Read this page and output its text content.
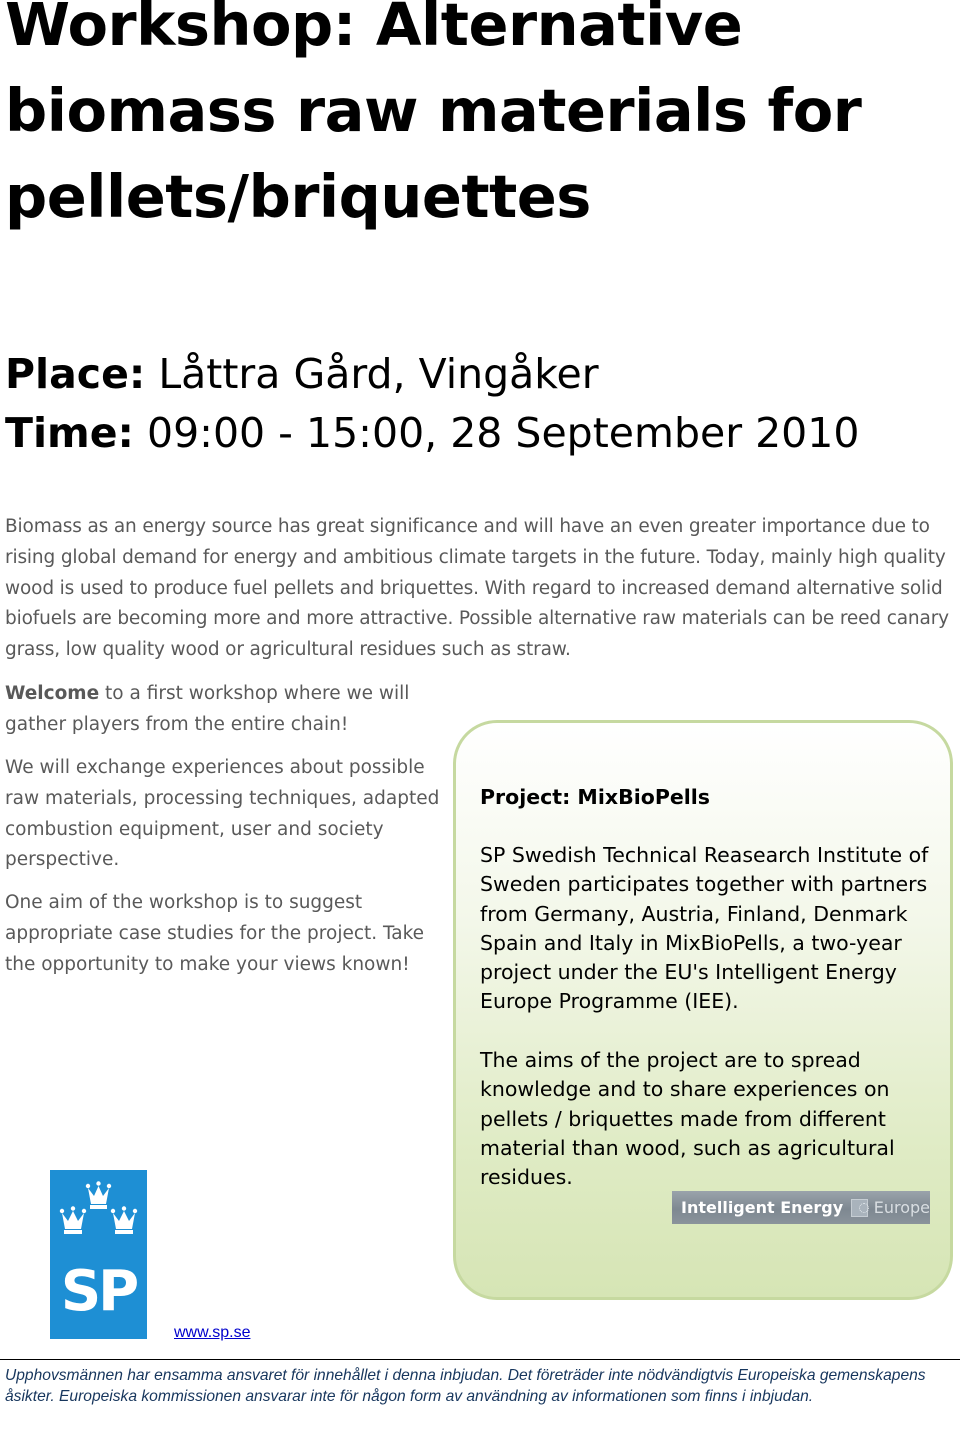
Workshop: Alternative biomass raw materials for pellets/briquettes
Place: Låttra Gård, Vingåker
Time: 09:00 - 15:00, 28 September 2010

Biomass as an energy source has great significance and will have an even greater importance due to rising global demand for energy and ambitious climate targets in the future. Today, mainly high quality wood is used to produce fuel pellets and briquettes. With regard to increased demand alternative solid biofuels are becoming more and more attractive. Possible alternative raw materials can be reed canary grass, low quality wood or agricultural residues such as straw.

Welcome to a first workshop where we will gather players from the entire chain!

We will exchange experiences about possible raw materials, processing techniques, adapted combustion equipment, user and society perspective.

One aim of the workshop is to suggest appropriate case studies for the project. Take the opportunity to make your views known!

Project: MixBioPells

SP Swedish Technical Reasearch Institute of Sweden participates together with partners from Germany, Austria, Finland, Denmark Spain and Italy in MixBioPells, a two-year project under the EU's Intelligent Energy Europe Programme (IEE).

The aims of the project are to spread knowledge and to share experiences on pellets / briquettes made from different material than wood, such as agricultural residues.

Intelligent Energy Europe
SP
www.sp.se

Upphovsmännen har ensamma ansvaret för innehållet i denna inbjudan. Det företräder inte nödvändigtvis Europeiska gemenskapens åsikter. Europeiska kommissionen ansvarar inte för någon form av användning av informationen som finns i inbjudan.
